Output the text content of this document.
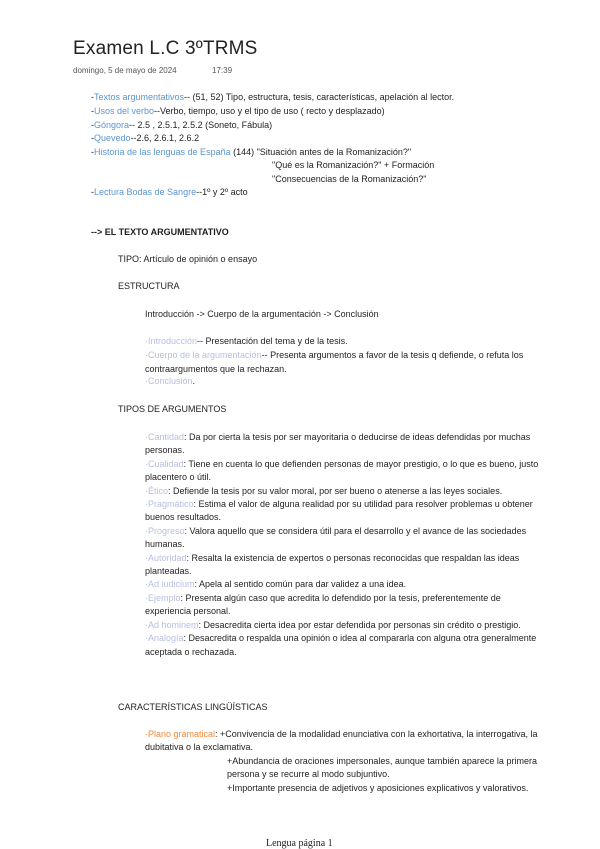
Examen L.C 3ºTRMS
domingo, 5 de mayo de 2024	17:39
-Textos argumentativos-- (51, 52) Tipo, estructura, tesis, características, apelación al lector.
-Usos del verbo--Verbo, tiempo, uso y el tipo de uso ( recto y desplazado)
-Góngora-- 2.5 , 2.5.1, 2.5.2 (Soneto, Fábula)
-Quevedo--2.6, 2.6.1, 2.6.2
-Historia de las lenguas de España (144) "Situación antes de la Romanización?"
"Qué es la Romanización?" + Formación
"Consecuencias de la Romanización?"
-Lectura Bodas de Sangre--1º y 2º acto
--> EL TEXTO ARGUMENTATIVO
TIPO: Artículo de opinión o ensayo
ESTRUCTURA
Introducción -> Cuerpo de la argumentación -> Conclusión
·Introducción-- Presentación del tema y de la tesis.
·Cuerpo de la argumentación-- Presenta argumentos a favor de la tesis q defiende, o refuta los contraargumentos que la rechazan.
·Conclusión.
TIPOS DE ARGUMENTOS
·Cantidad: Da por cierta la tesis por ser mayoritaria o deducirse de ideas defendidas por muchas personas.
·Cualidad: Tiene en cuenta lo que defienden personas de mayor prestigio, o lo que es bueno, justo placentero o útil.
·Ético: Defiende la tesis por su valor moral, por ser bueno o atenerse a las leyes sociales.
·Pragmático: Estima el valor de alguna realidad por su utilidad para resolver problemas u obtener buenos resultados.
·Progreso: Valora aquello que se considera útil para el desarrollo y el avance de las sociedades humanas.
·Autoridad: Resalta la existencia de expertos o personas reconocidas que respaldan las ideas planteadas.
·Ad iudicium: Apela al sentido común para dar validez a una idea.
·Ejemplo: Presenta algún caso que acredita lo defendido por la tesis, preferentemente de experiencia personal.
·Ad hominem: Desacredita cierta idea por estar defendida por personas sin crédito o prestigio.
·Analogía: Desacredita o respalda una opinión o idea al compararla con alguna otra generalmente aceptada o rechazada.
CARACTERÍSTICAS LINGÜÍSTICAS
·Plano gramatical: +Convivencia de la modalidad enunciativa con la exhortativa, la interrogativa, la dubitativa o la exclamativa.
+Abundancia de oraciones impersonales, aunque también aparece la primera persona y se recurre al modo subjuntivo.
+Importante presencia de adjetivos y aposiciones explicativos y valorativos.
Lengua página 1
